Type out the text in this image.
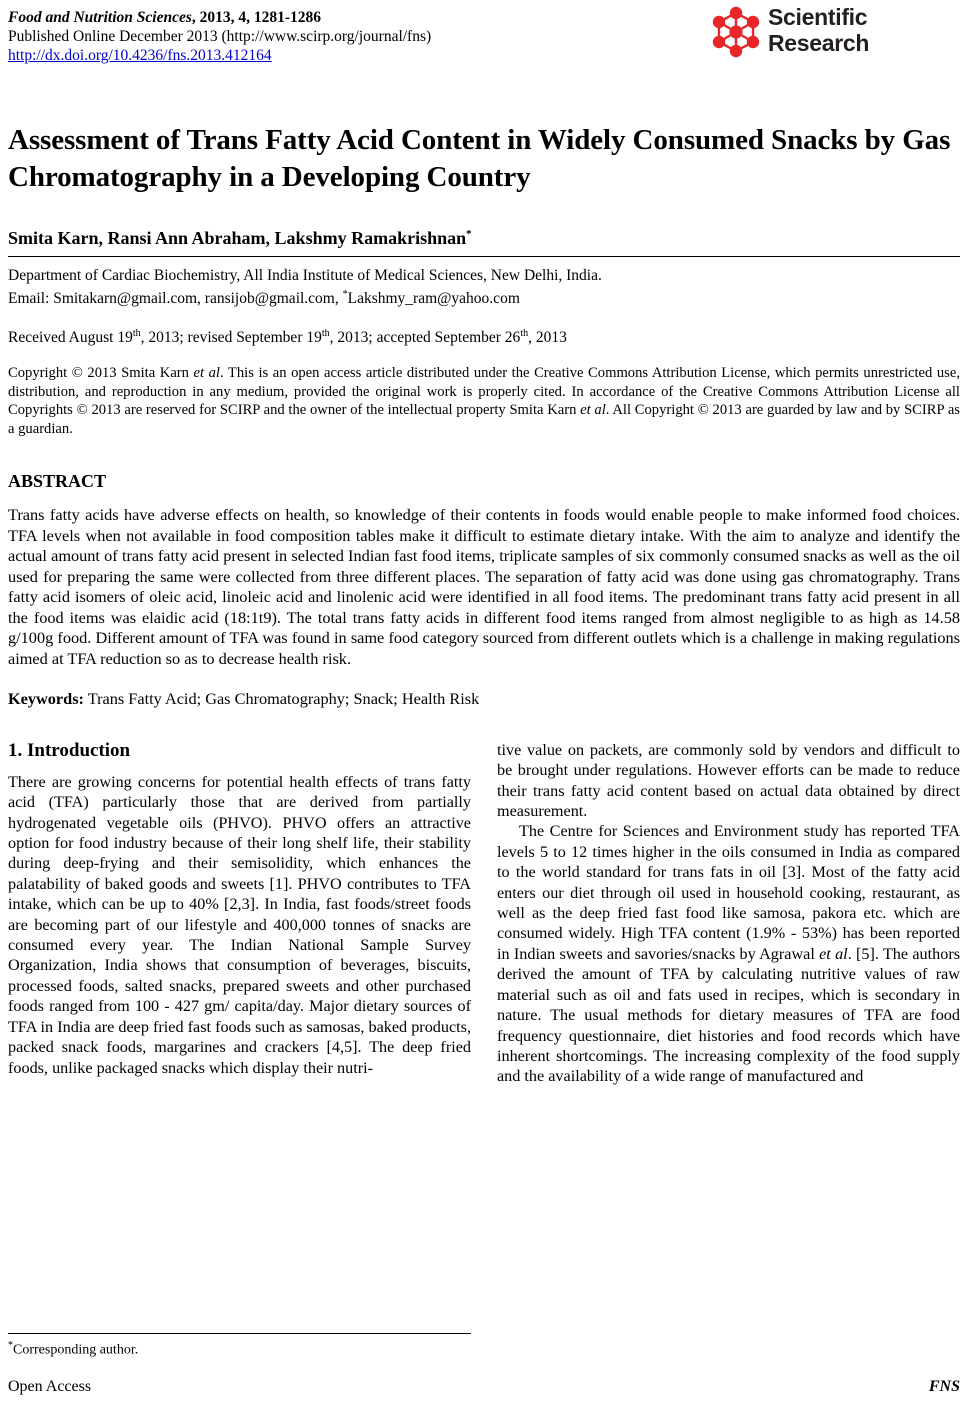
Food and Nutrition Sciences, 2013, 4, 1281-1286
Published Online December 2013 (http://www.scirp.org/journal/fns)
http://dx.doi.org/10.4236/fns.2013.412164
Scientific
Research
Assessment of Trans Fatty Acid Content in Widely Consumed Snacks by Gas Chromatography in a Developing Country
Smita Karn, Ransi Ann Abraham, Lakshmy Ramakrishnan*
Department of Cardiac Biochemistry, All India Institute of Medical Sciences, New Delhi, India.
Email: Smitakarn@gmail.com, ransijob@gmail.com, *Lakshmy_ram@yahoo.com
Received August 19th, 2013; revised September 19th, 2013; accepted September 26th, 2013
Copyright © 2013 Smita Karn et al. This is an open access article distributed under the Creative Commons Attribution License, which permits unrestricted use, distribution, and reproduction in any medium, provided the original work is properly cited. In accordance of the Creative Commons Attribution License all Copyrights © 2013 are reserved for SCIRP and the owner of the intellectual property Smita Karn et al. All Copyright © 2013 are guarded by law and by SCIRP as a guardian.
ABSTRACT
Trans fatty acids have adverse effects on health, so knowledge of their contents in foods would enable people to make informed food choices. TFA levels when not available in food composition tables make it difficult to estimate dietary intake. With the aim to analyze and identify the actual amount of trans fatty acid present in selected Indian fast food items, triplicate samples of six commonly consumed snacks as well as the oil used for preparing the same were collected from three different places. The separation of fatty acid was done using gas chromatography. Trans fatty acid isomers of oleic acid, linoleic acid and linolenic acid were identified in all food items. The predominant trans fatty acid present in all the food items was elaidic acid (18:1t9). The total trans fatty acids in different food items ranged from almost negligible to as high as 14.58 g/100g food. Different amount of TFA was found in same food category sourced from different outlets which is a challenge in making regulations aimed at TFA reduction so as to decrease health risk.
Keywords: Trans Fatty Acid; Gas Chromatography; Snack; Health Risk
1. Introduction

There are growing concerns for potential health effects of trans fatty acid (TFA) particularly those that are derived from partially hydrogenated vegetable oils (PHVO). PHVO offers an attractive option for food industry because of their long shelf life, their stability during deep-frying and their semisolidity, which enhances the palatability of baked goods and sweets [1]. PHVO contributes to TFA intake, which can be up to 40% [2,3]. In India, fast foods/street foods are becoming part of our lifestyle and 400,000 tonnes of snacks are consumed every year. The Indian National Sample Survey Organization, India shows that consumption of beverages, biscuits, processed foods, salted snacks, prepared sweets and other purchased foods ranged from 100 - 427 gm/ capita/day. Major dietary sources of TFA in India are deep fried fast foods such as samosas, baked products, packed snack foods, margarines and crackers [4,5]. The deep fried foods, unlike packaged snacks which display their nutri-

tive value on packets, are commonly sold by vendors and difficult to be brought under regulations. However efforts can be made to reduce their trans fatty acid content based on actual data obtained by direct measurement.

The Centre for Sciences and Environment study has reported TFA levels 5 to 12 times higher in the oils consumed in India as compared to the world standard for trans fats in oil [3]. Most of the fatty acid enters our diet through oil used in household cooking, restaurant, as well as the deep fried fast food like samosa, pakora etc. which are consumed widely. High TFA content (1.9% - 53%) has been reported in Indian sweets and savories/snacks by Agrawal et al. [5]. The authors derived the amount of TFA by calculating nutritive values of raw material such as oil and fats used in recipes, which is secondary in nature. The usual methods for dietary measures of TFA are food frequency questionnaire, diet histories and food records which have inherent shortcomings. The increasing complexity of the food supply and the availability of a wide range of manufactured and

*Corresponding author.
Open Access	FNS
